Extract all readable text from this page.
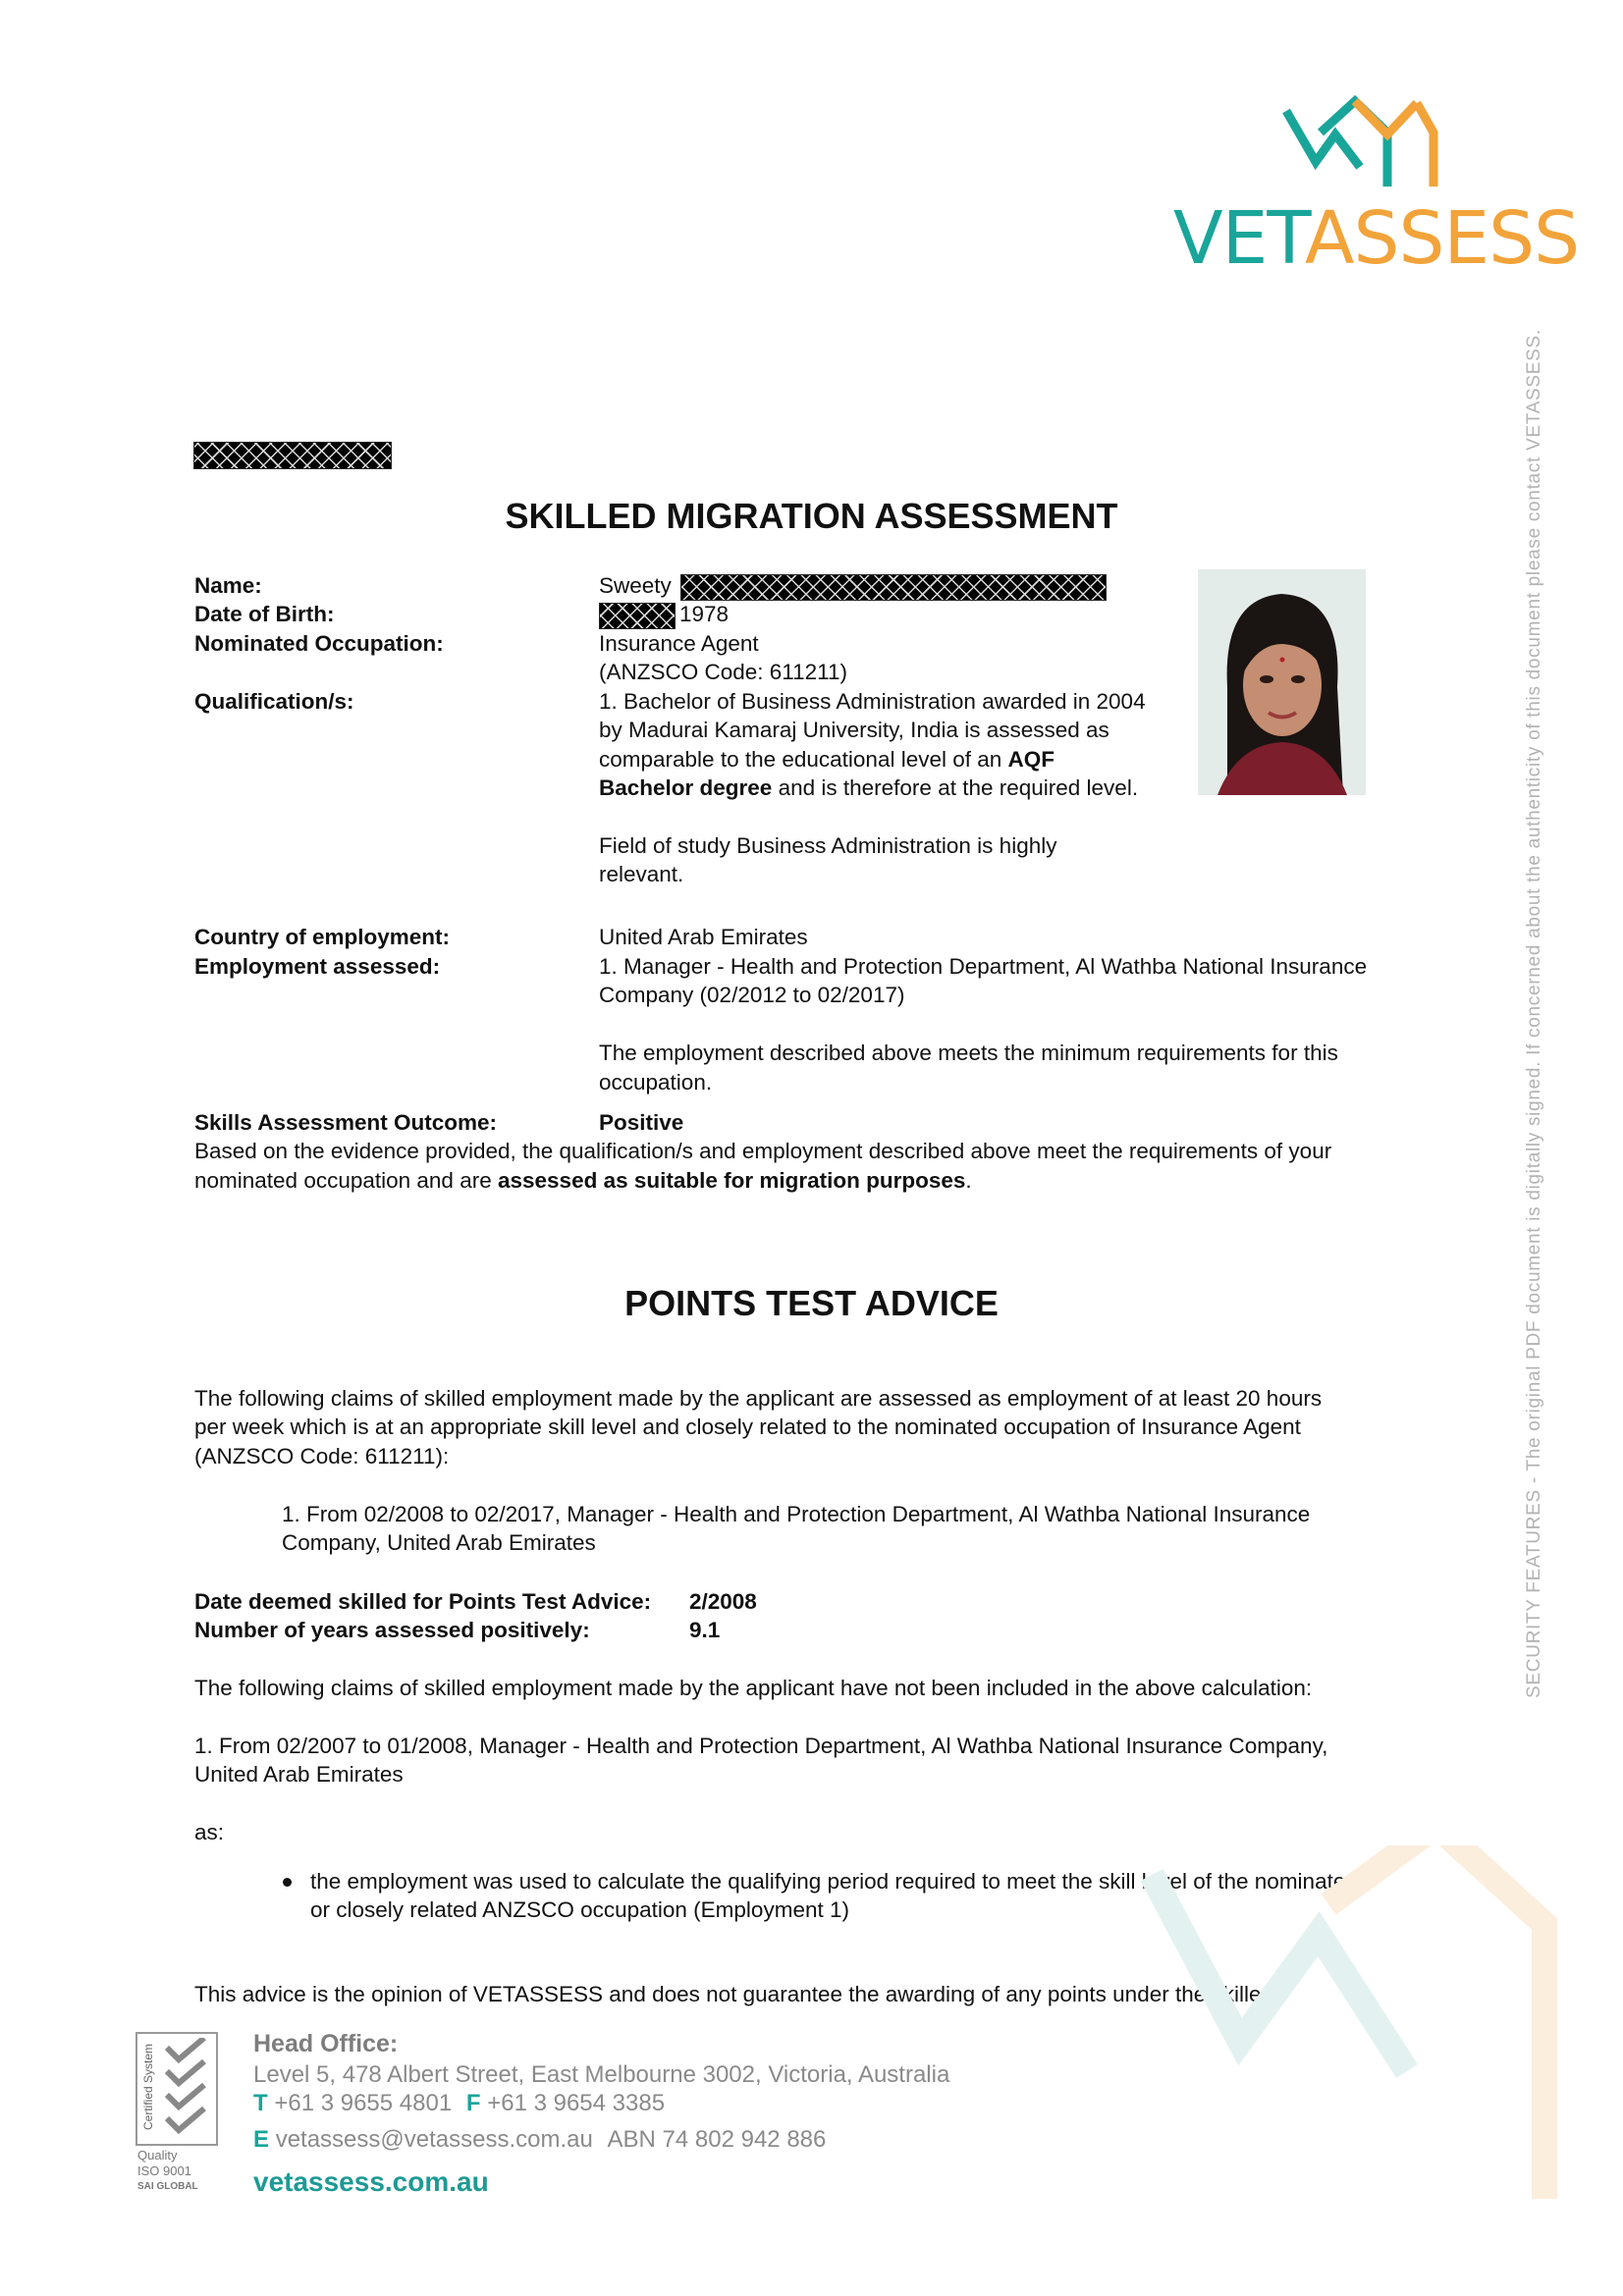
VETASSESS
SECURITY FEATURES - The original PDF document is digitally signed. If concerned about the authenticity of this document please contact VETASSESS.
SKILLED MIGRATION ASSESSMENT
Name:	Sweety
Date of Birth:	1978
Nominated Occupation:	Insurance Agent
(ANZSCO Code: 611211)
Qualification/s:	1. Bachelor of Business Administration awarded in 2004
by Madurai Kamaraj University, India is assessed as
comparable to the educational level of an AQF
Bachelor degree and is therefore at the required level.
Field of study Business Administration is highly
relevant.
Country of employment:	United Arab Emirates
Employment assessed:	1. Manager - Health and Protection Department, Al Wathba National Insurance
Company (02/2012 to 02/2017)
The employment described above meets the minimum requirements for this
occupation.
Skills Assessment Outcome:	Positive
Based on the evidence provided, the qualification/s and employment described above meet the requirements of your
nominated occupation and are assessed as suitable for migration purposes.
POINTS TEST ADVICE
The following claims of skilled employment made by the applicant are assessed as employment of at least 20 hours
per week which is at an appropriate skill level and closely related to the nominated occupation of Insurance Agent
(ANZSCO Code: 611211):
1. From 02/2008 to 02/2017, Manager - Health and Protection Department, Al Wathba National Insurance
Company, United Arab Emirates
Date deemed skilled for Points Test Advice: 2/2008
Number of years assessed positively:	9.1
The following claims of skilled employment made by the applicant have not been included in the above calculation:
1. From 02/2007 to 01/2008, Manager - Health and Protection Department, Al Wathba National Insurance Company,
United Arab Emirates
as:
the employment was used to calculate the qualifying period required to meet the skill level of the nominated
or closely related ANZSCO occupation (Employment 1)
This advice is the opinion of VETASSESS and does not guarantee the awarding of any points under the skilled
Certified System
Quality
ISO 9001
SAI GLOBAL
Head Office:
Level 5, 478 Albert Street, East Melbourne 3002, Victoria, Australia
T +61 3 9655 4801 F +61 3 9654 3385
E vetassess@vetassess.com.au ABN 74 802 942 886
vetassess.com.au
